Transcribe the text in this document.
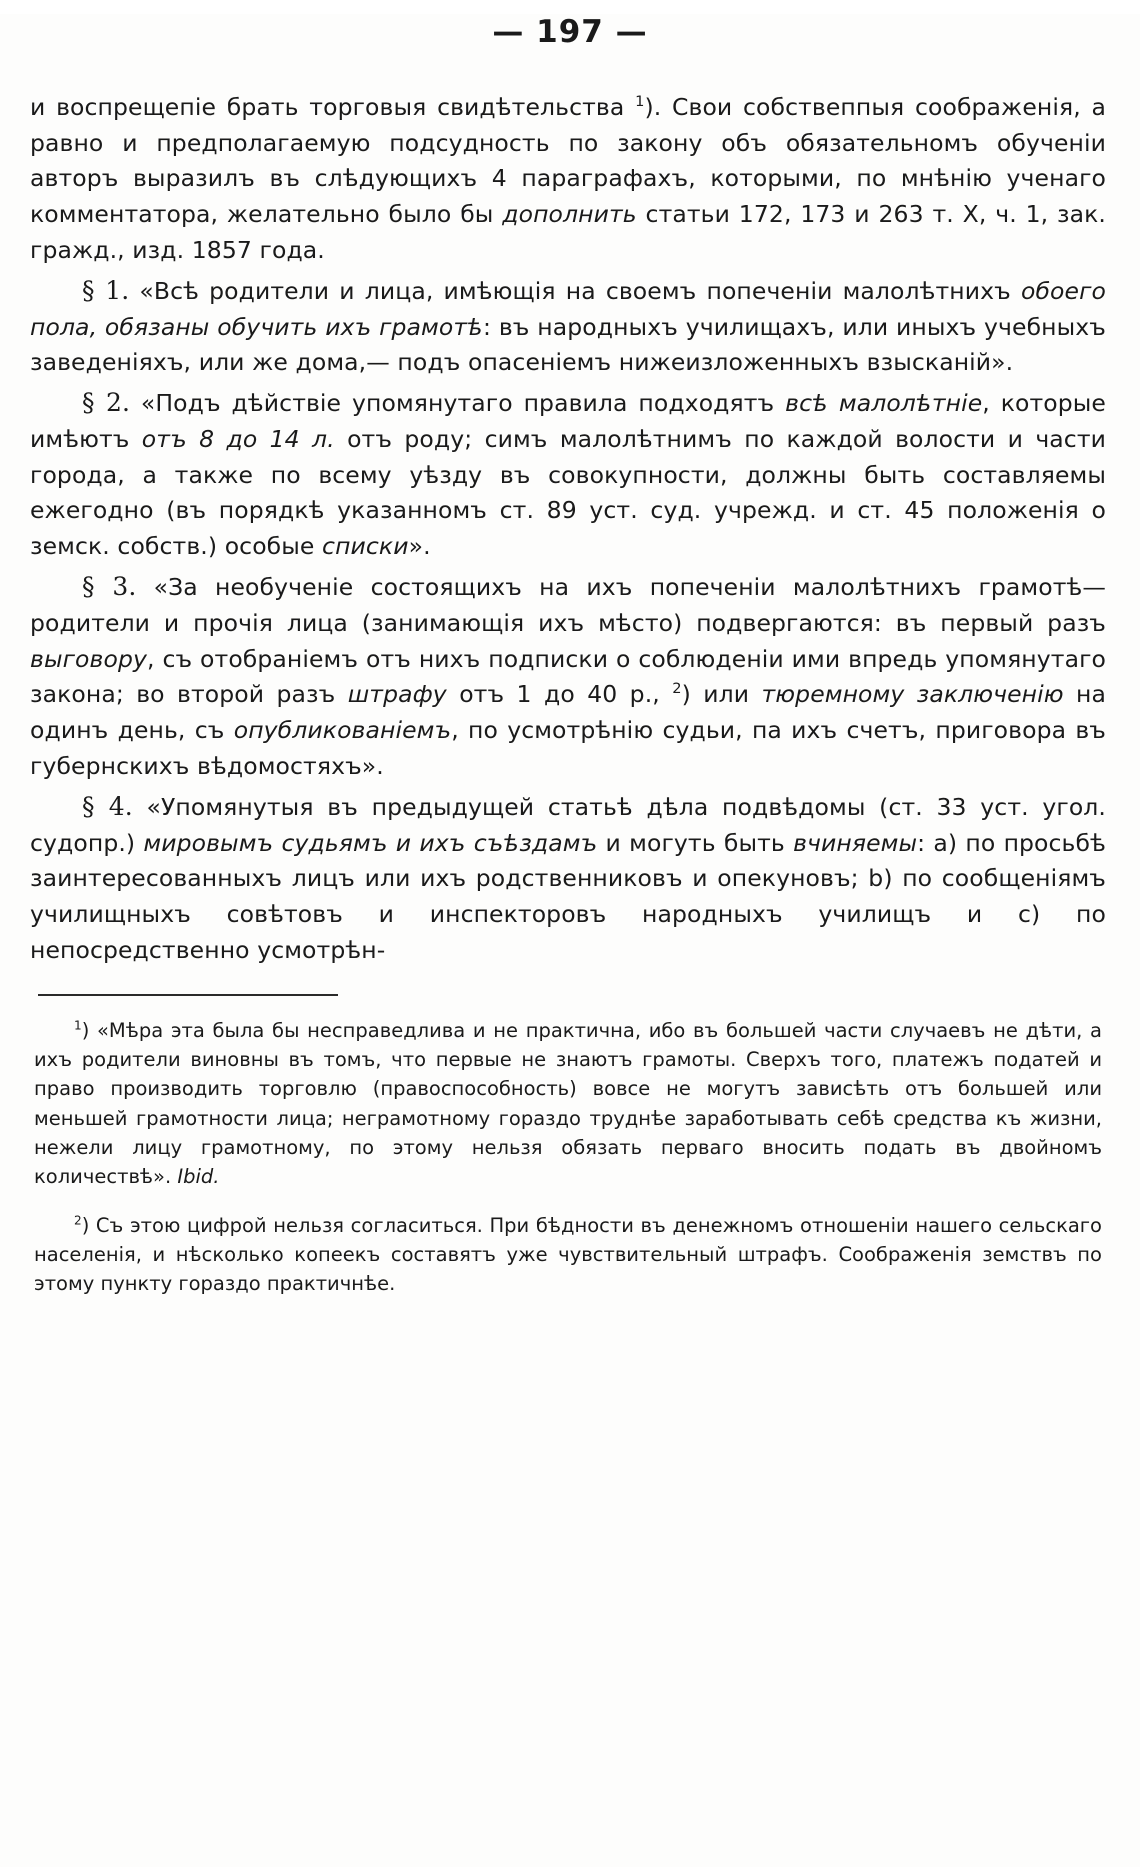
— 197 —

и воспрещепіе брать торговыя свидѣтельства $^1$). Свои собствеппыя соображенія, а равно и предполагаемую подсудность по закону объ обязательномъ обученіи авторъ выразилъ въ слѣдующихъ 4 параграфахъ, которыми, по мнѣнію ученаго комментатора, желательно было бы дополнить статьи 172, 173 и 263 т. X, ч. 1, зак. гражд., изд. 1857 года.

§ 1. «Всѣ родители и лица, имѣющія на своемъ попеченіи малолѣтнихъ обоего пола, обязаны обучить ихъ грамотѣ: въ народныхъ училищахъ, или иныхъ учебныхъ заведеніяхъ, или же дома,— подъ опасеніемъ нижеизложенныхъ взысканій».

§ 2. «Подъ дѣйствіе упомянутаго правила подходятъ всѣ малолѣтніе, которые имѣютъ отъ 8 до 14 л. отъ роду; симъ малолѣтнимъ по каждой волости и части города, а также по всему уѣзду въ совокупности, должны быть составляемы ежегодно (въ порядкѣ указанномъ ст. 89 уст. суд. учрежд. и ст. 45 положенія о земск. собств.) особые списки».

§ 3. «За необученіе состоящихъ на ихъ попеченіи малолѣтнихъ грамотѣ—родители и прочія лица (занимающія ихъ мѣсто) подвергаются: въ первый разъ выговору, съ отобраніемъ отъ нихъ подписки о соблюденіи ими впредь упомянутаго закона; во второй разъ штрафу отъ 1 до 40 р., $^2$) или тюремному заключенію на одинъ день, съ опубликованіемъ, по усмотрѣнію судьи, па ихъ счетъ, приговора въ губернскихъ вѣдомостяхъ».

§ 4. «Упомянутыя въ предыдущей статьѣ дѣла подвѣдомы (ст. 33 уст. угол. судопр.) мировымъ судьямъ и ихъ съѣздамъ и могуть быть вчиняемы: а) по просьбѣ заинтересованныхъ лицъ или ихъ родственниковъ и опекуновъ; b) по сообщеніямъ училищныхъ совѣтовъ и инспекторовъ народныхъ училищъ и с) по непосредственно усмотрѣн-

$^1$) «Мѣра эта была бы несправедлива и не практична, ибо въ большей части случаевъ не дѣти, а ихъ родители виновны въ томъ, что первые не знаютъ грамоты. Сверхъ того, платежъ податей и право производить торговлю (правоспособность) вовсе не могутъ зависѣть отъ большей или меньшей грамотности лица; неграмотному гораздо труднѣе заработывать себѣ средства къ жизни, нежели лицу грамотному, по этому нельзя обязать перваго вносить подать въ двойномъ количествѣ». Ibid.

$^2$) Съ этою цифрой нельзя согласиться. При бѣдности въ денежномъ отношеніи нашего сельскаго населенія, и нѣсколько копеекъ составятъ уже чувствительный штрафъ. Соображенія земствъ по этому пункту гораздо практичнѣе.
